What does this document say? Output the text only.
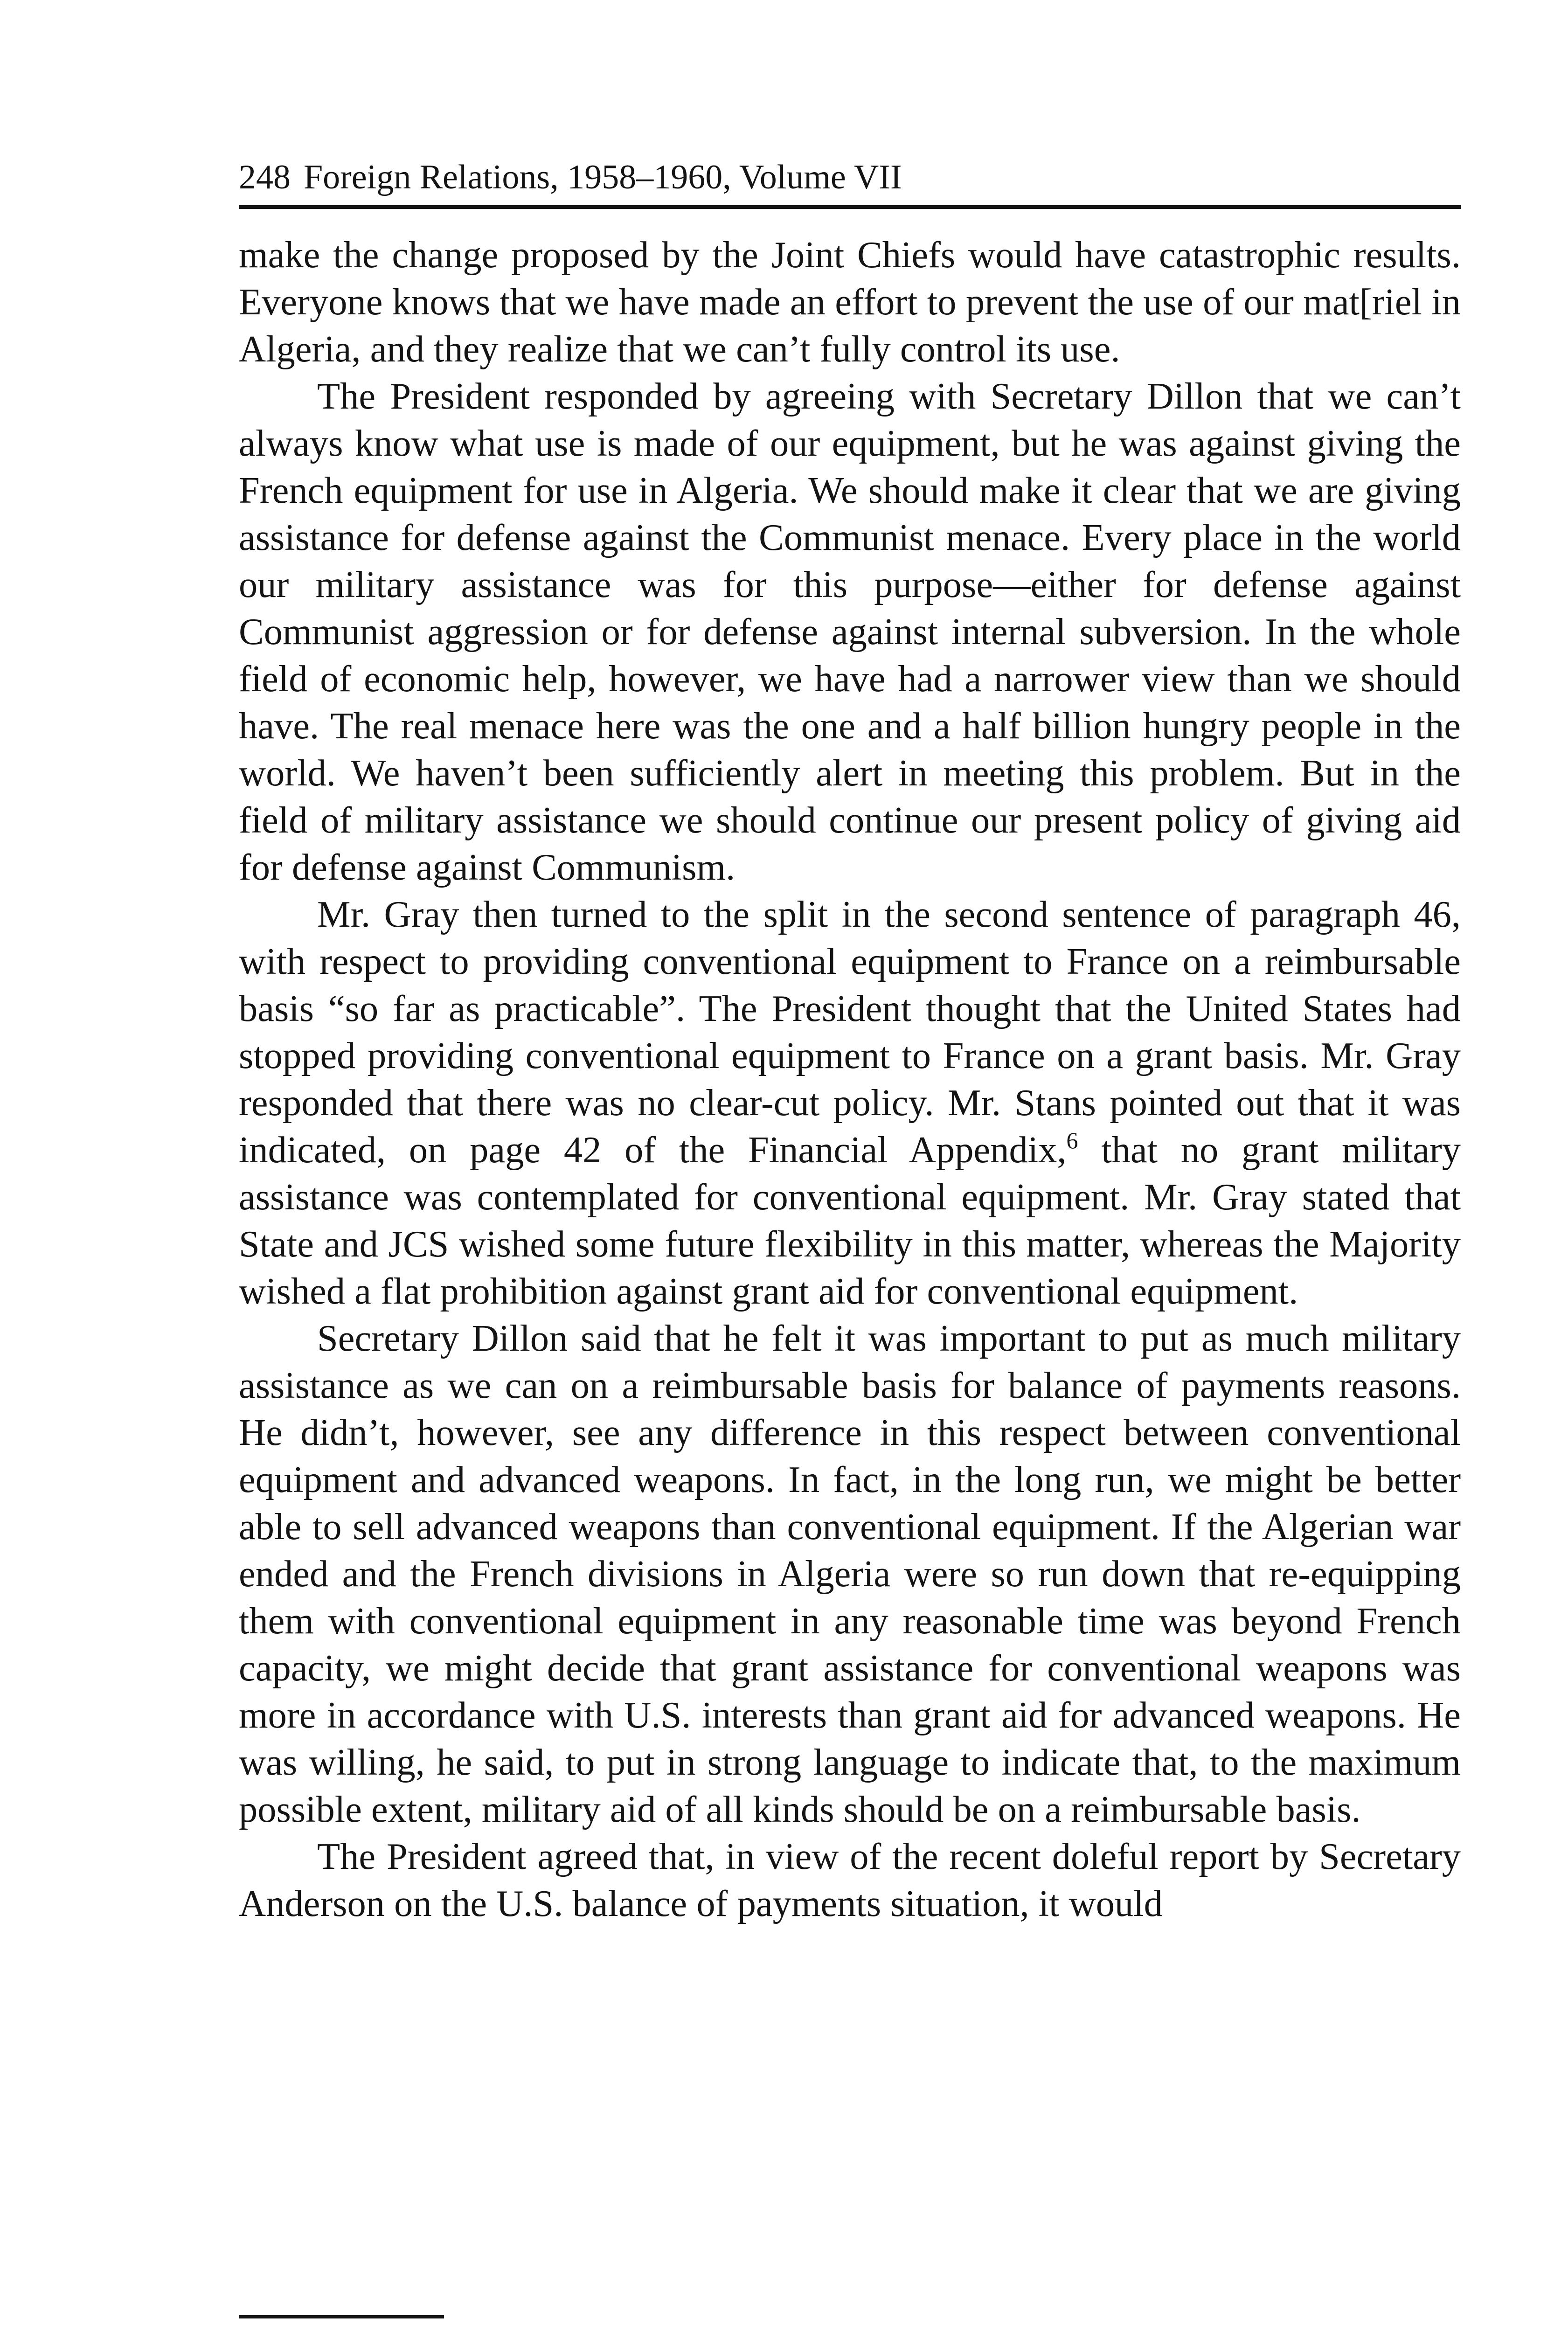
248 Foreign Relations, 1958–1960, Volume VII

make the change proposed by the Joint Chiefs would have catastrophic results. Everyone knows that we have made an effort to prevent the use of our mat[riel in Algeria, and they realize that we can’t fully control its use.

The President responded by agreeing with Secretary Dillon that we can’t always know what use is made of our equipment, but he was against giving the French equipment for use in Algeria. We should make it clear that we are giving assistance for defense against the Communist menace. Every place in the world our military assistance was for this purpose—either for defense against Communist aggression or for defense against internal subversion. In the whole field of economic help, however, we have had a narrower view than we should have. The real menace here was the one and a half billion hungry people in the world. We haven’t been sufficiently alert in meeting this problem. But in the field of military assistance we should continue our present policy of giving aid for defense against Communism.

Mr. Gray then turned to the split in the second sentence of paragraph 46, with respect to providing conventional equipment to France on a reimbursable basis “so far as practicable”. The President thought that the United States had stopped providing conventional equipment to France on a grant basis. Mr. Gray responded that there was no clear-cut policy. Mr. Stans pointed out that it was indicated, on page 42 of the Financial Appendix,$^6$ that no grant military assistance was contemplated for conventional equipment. Mr. Gray stated that State and JCS wished some future flexibility in this matter, whereas the Majority wished a flat prohibition against grant aid for conventional equipment.

Secretary Dillon said that he felt it was important to put as much military assistance as we can on a reimbursable basis for balance of payments reasons. He didn’t, however, see any difference in this respect between conventional equipment and advanced weapons. In fact, in the long run, we might be better able to sell advanced weapons than conventional equipment. If the Algerian war ended and the French divisions in Algeria were so run down that re-equipping them with conventional equipment in any reasonable time was beyond French capacity, we might decide that grant assistance for conventional weapons was more in accordance with U.S. interests than grant aid for advanced weapons. He was willing, he said, to put in strong language to indicate that, to the maximum possible extent, military aid of all kinds should be on a reimbursable basis.

The President agreed that, in view of the recent doleful report by Secretary Anderson on the U.S. balance of payments situation, it would
